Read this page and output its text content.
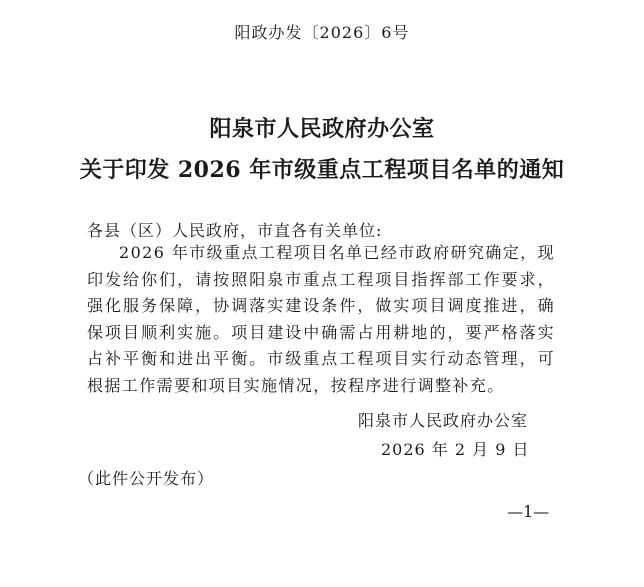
阳政办发〔2026〕6号
阳泉市人民政府办公室
关于印发 2026 年市级重点工程项目名单的通知
各县（区）人民政府，市直各有关单位:

2026 年市级重点工程项目名单已经市政府研究确定，现印发给你们，请按照阳泉市重点工程项目指挥部工作要求，强化服务保障，协调落实建设条件，做实项目调度推进，确保项目顺利实施。项目建设中确需占用耕地的，要严格落实占补平衡和进出平衡。市级重点工程项目实行动态管理，可根据工作需要和项目实施情况，按程序进行调整补充。

阳泉市人民政府办公室
2026 年 2 月 9 日
（此件公开发布）
—1—
